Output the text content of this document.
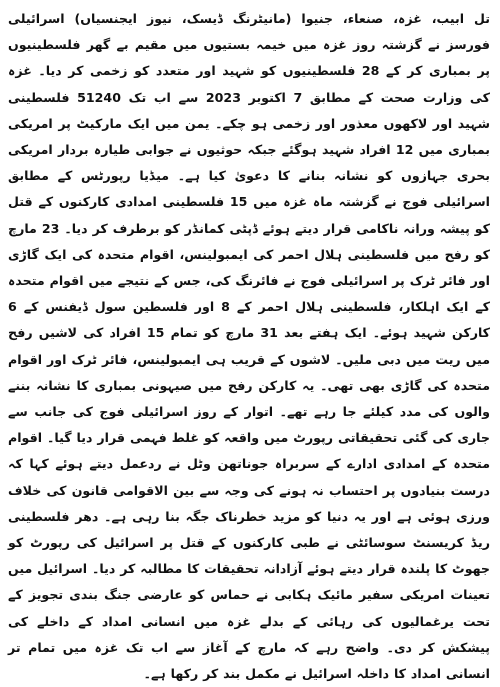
تل ابیب، غزہ، صنعاء، جنیوا (مانیٹرنگ ڈیسک، نیوز ایجنسیاں) اسرائیلی فورسز نے گزشتہ روز غزہ میں خیمہ بستیوں میں مقیم بے گھر فلسطینیوں پر بمباری کر کے 28 فلسطینیوں کو شہید اور متعدد کو زخمی کر دیا۔ غزہ کی وزارت صحت کے مطابق 7 اکتوبر 2023 سے اب تک 51240 فلسطینی شہید اور لاکھوں معذور اور زخمی ہو چکے۔ یمن میں ایک مارکیٹ پر امریکی بمباری میں 12 افراد شہید ہوگئے جبکہ حوثیوں نے جوابی طیارہ بردار امریکی بحری جہازوں کو نشانہ بنانے کا دعویٰ کیا ہے۔ میڈیا رپورٹس کے مطابق اسرائیلی فوج نے گزشتہ ماہ غزہ میں 15 فلسطینی امدادی کارکنوں کے قتل کو پیشہ ورانہ ناکامی قرار دیتے ہوئے ڈپٹی کمانڈر کو برطرف کر دیا۔ 23 مارچ کو رفح میں فلسطینی ہلال احمر کی ایمبولینس، اقوام متحدہ کی ایک گاڑی اور فائر ٹرک پر اسرائیلی فوج نے فائرنگ کی، جس کے نتیجے میں اقوام متحدہ کے ایک اہلکار، فلسطینی ہلال احمر کے 8 اور فلسطین سول ڈیفنس کے 6 کارکن شہید ہوئے۔ ایک ہفتے بعد 31 مارچ کو تمام 15 افراد کی لاشیں رفح میں ریت میں دبی ملیں۔ لاشوں کے قریب ہی ایمبولینس، فائر ٹرک اور اقوام متحدہ کی گاڑی بھی تھی۔ یہ کارکن رفح میں صیہونی بمباری کا نشانہ بننے والوں کی مدد کیلئے جا رہے تھے۔ اتوار کے روز اسرائیلی فوج کی جانب سے جاری کی گئی تحقیقاتی رپورٹ میں واقعہ کو غلط فہمی قرار دیا گیا۔ اقوام متحدہ کے امدادی ادارے کے سربراہ جوناتھن وٹل نے ردعمل دیتے ہوئے کہا کہ درست بنیادوں پر احتساب نہ ہونے کی وجہ سے بین الاقوامی قانون کی خلاف ورزی ہوئی ہے اور یہ دنیا کو مزید خطرناک جگہ بنا رہی ہے۔ دھر فلسطینی ریڈ کریسنٹ سوسائٹی نے طبی کارکنوں کے قتل پر اسرائیل کی رپورٹ کو جھوٹ کا پلندہ قرار دیتے ہوئے آزادانہ تحقیقات کا مطالبہ کر دیا۔ اسرائیل میں تعینات امریکی سفیر مائیک ہکابی نے حماس کو عارضی جنگ بندی تجویز کے تحت یرغمالیوں کی رہائی کے بدلے غزہ میں انسانی امداد کے داخلے کی پیشکش کر دی۔ واضح رہے کہ مارچ کے آغاز سے اب تک غزہ میں تمام تر انسانی امداد کا داخلہ اسرائیل نے مکمل بند کر رکھا ہے۔
